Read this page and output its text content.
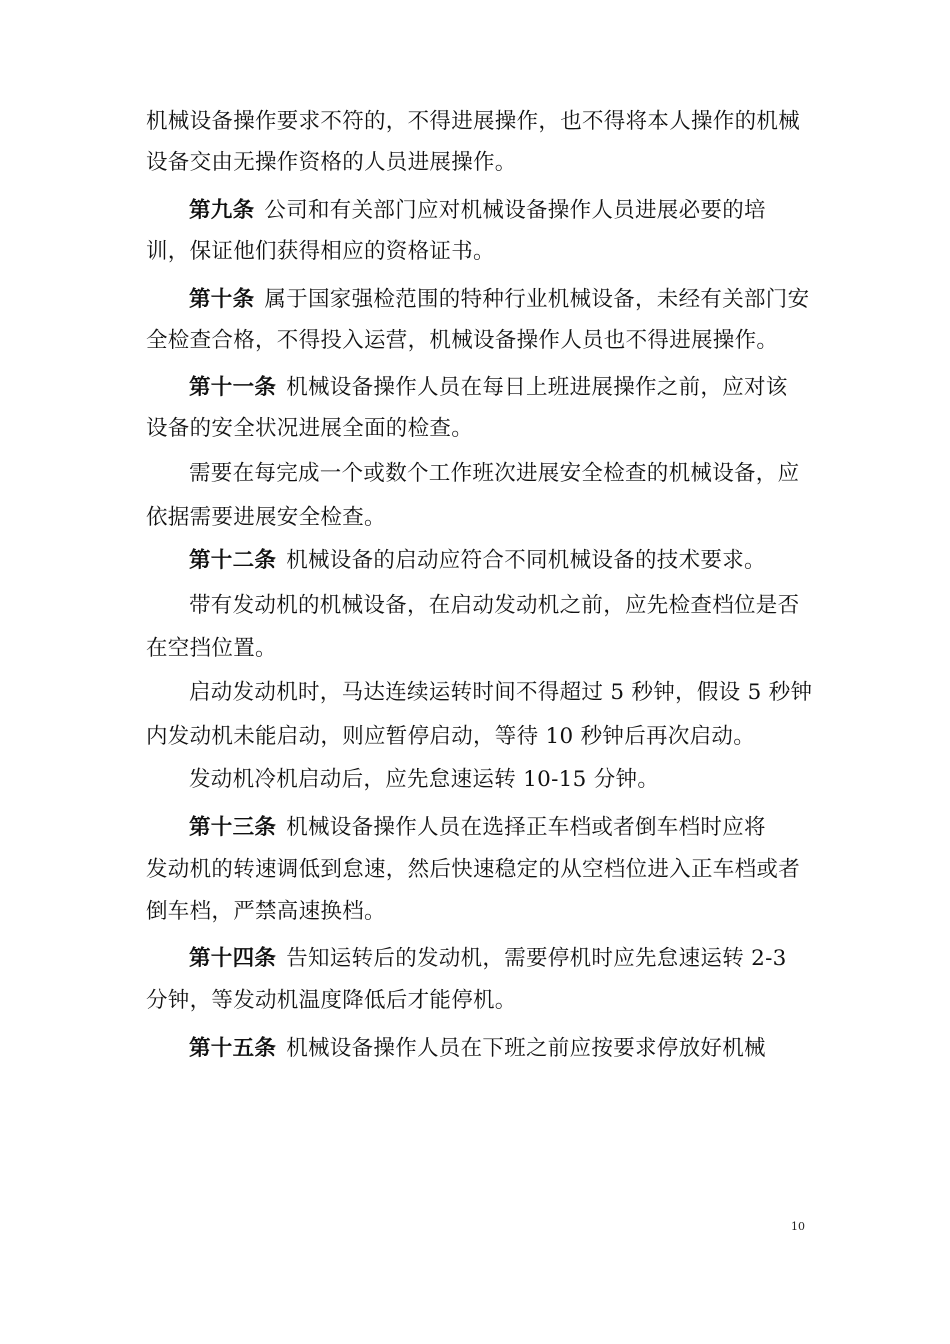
机械设备操作要求不符的，不得进展操作，也不得将本人操作的机械
设备交由无操作资格的人员进展操作。
第九条 公司和有关部门应对机械设备操作人员进展必要的培
训，保证他们获得相应的资格证书。
第十条 属于国家强检范围的特种行业机械设备，未经有关部门安
全检查合格，不得投入运营，机械设备操作人员也不得进展操作。
第十一条 机械设备操作人员在每日上班进展操作之前，应对该
设备的安全状况进展全面的检查。
需要在每完成一个或数个工作班次进展安全检查的机械设备，应
依据需要进展安全检查。
第十二条 机械设备的启动应符合不同机械设备的技术要求。
带有发动机的机械设备，在启动发动机之前，应先检查档位是否
在空挡位置。
启动发动机时，马达连续运转时间不得超过 5 秒钟，假设 5 秒钟
内发动机未能启动，则应暂停启动，等待 10 秒钟后再次启动。
发动机冷机启动后，应先怠速运转 10-15 分钟。
第十三条 机械设备操作人员在选择正车档或者倒车档时应将
发动机的转速调低到怠速，然后快速稳定的从空档位进入正车档或者
倒车档，严禁高速换档。
第十四条 告知运转后的发动机，需要停机时应先怠速运转 2-3
分钟，等发动机温度降低后才能停机。
第十五条 机械设备操作人员在下班之前应按要求停放好机械
10
